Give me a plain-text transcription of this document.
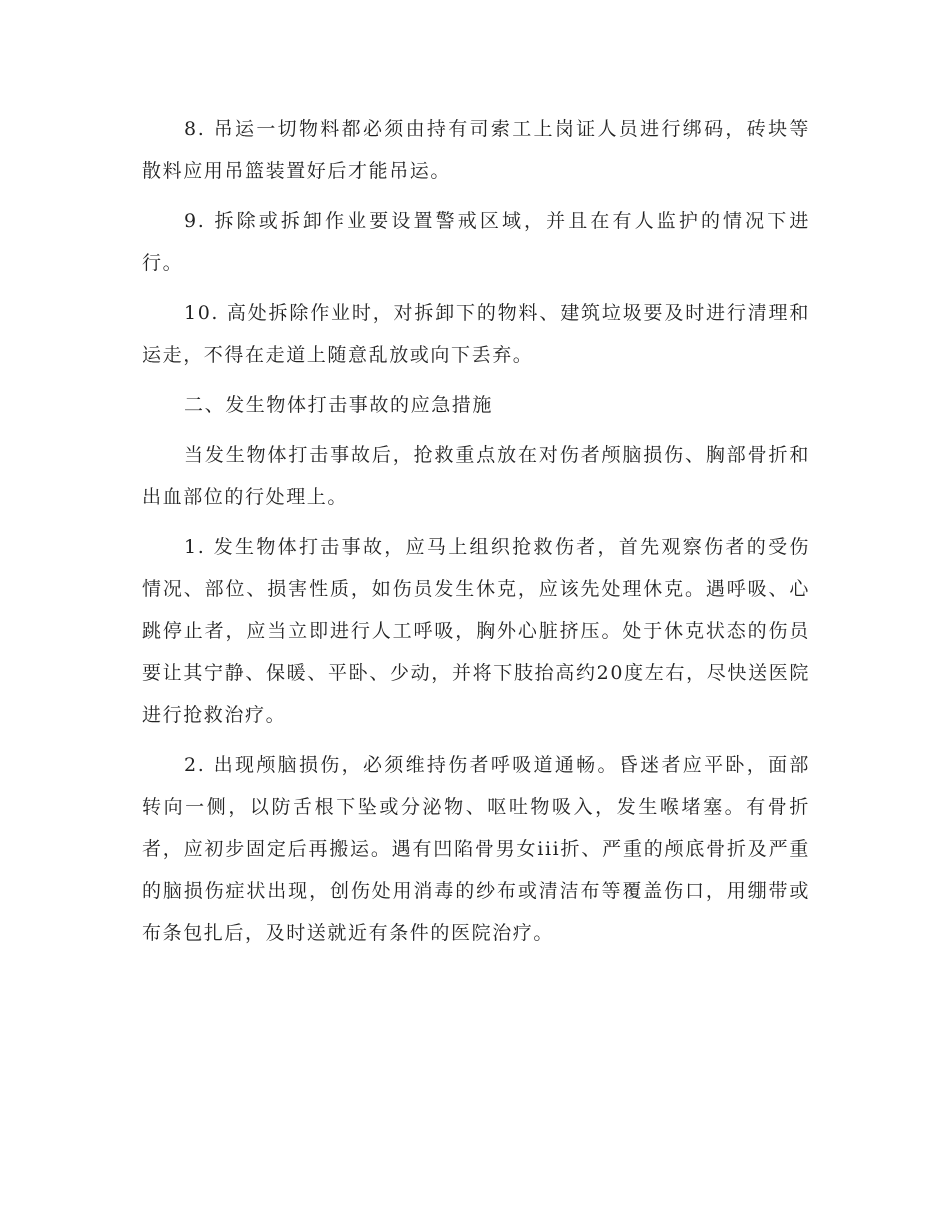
8. 吊运一切物料都必须由持有司索工上岗证人员进行绑码，砖块等散料应用吊篮装置好后才能吊运。

9. 拆除或拆卸作业要设置警戒区域，并且在有人监护的情况下进行。

10. 高处拆除作业时，对拆卸下的物料、建筑垃圾要及时进行清理和运走，不得在走道上随意乱放或向下丢弃。

二、发生物体打击事故的应急措施

当发生物体打击事故后，抢救重点放在对伤者颅脑损伤、胸部骨折和出血部位的行处理上。

1. 发生物体打击事故，应马上组织抢救伤者，首先观察伤者的受伤情况、部位、损害性质，如伤员发生休克，应该先处理休克。遇呼吸、心跳停止者，应当立即进行人工呼吸，胸外心脏挤压。处于休克状态的伤员要让其宁静、保暖、平卧、少动，并将下肢抬高约20度左右，尽快送医院进行抢救治疗。

2. 出现颅脑损伤，必须维持伤者呼吸道通畅。昏迷者应平卧，面部转向一侧，以防舌根下坠或分泌物、呕吐物吸入，发生喉堵塞。有骨折者，应初步固定后再搬运。遇有凹陷骨男女iii折、严重的颅底骨折及严重的脑损伤症状出现，创伤处用消毒的纱布或清洁布等覆盖伤口，用绷带或布条包扎后，及时送就近有条件的医院治疗。
